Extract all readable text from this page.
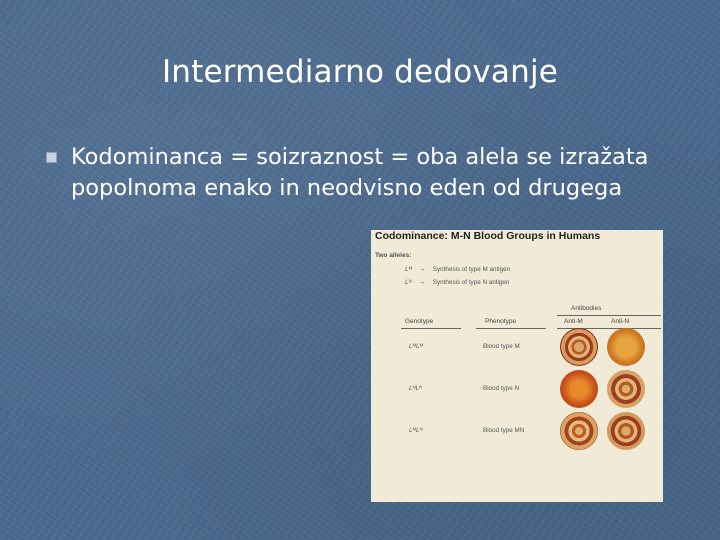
Intermediarno dedovanje
Kodominanca = soizraznost = oba alela se izražata popolnoma enako in neodvisno eden od drugega
Codominance: M-N Blood Groups in Humans
Two alleles:
Lᴹ → Synthesis of type M antigen
Lᴺ → Synthesis of type N antigen
Antibodies
Genotype	Phenotype	Anti-M	Anti-N
LᴹLᴹ	Blood type M
LᴺLᴺ	Blood type N
LᴹLᴺ	Blood type MN
